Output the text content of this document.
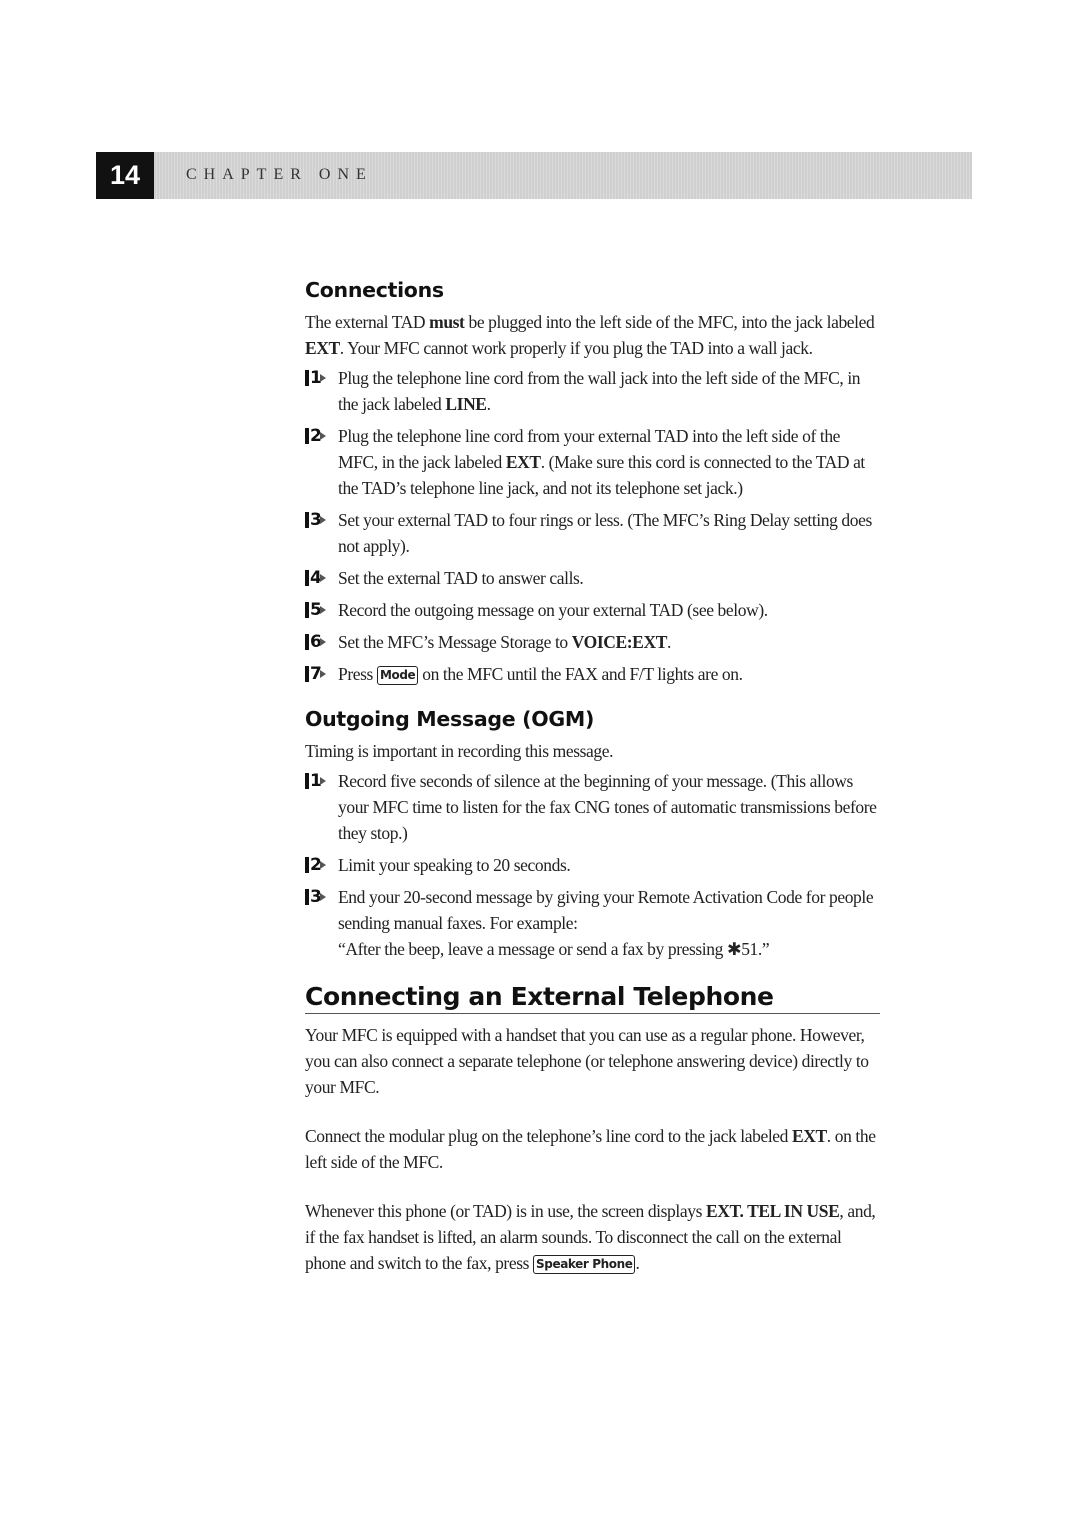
14	CHAPTER ONE
Connections

The external TAD must be plugged into the left side of the MFC, into the jack labeled EXT. Your MFC cannot work properly if you plug the TAD into a wall jack.

1 Plug the telephone line cord from the wall jack into the left side of the MFC, in the jack labeled LINE.
2 Plug the telephone line cord from your external TAD into the left side of the MFC, in the jack labeled EXT. (Make sure this cord is connected to the TAD at the TAD’s telephone line jack, and not its telephone set jack.)
3 Set your external TAD to four rings or less. (The MFC’s Ring Delay setting does not apply).
4 Set the external TAD to answer calls.
5 Record the outgoing message on your external TAD (see below).
6 Set the MFC’s Message Storage to VOICE:EXT.
7 Press Mode on the MFC until the FAX and F/T lights are on.
Outgoing Message (OGM)

Timing is important in recording this message.

1 Record five seconds of silence at the beginning of your message. (This allows your MFC time to listen for the fax CNG tones of automatic transmissions before they stop.)
2 Limit your speaking to 20 seconds.
3 End your 20-second message by giving your Remote Activation Code for people sending manual faxes. For example:
“After the beep, leave a message or send a fax by pressing ✱51.”
Connecting an External Telephone

Your MFC is equipped with a handset that you can use as a regular phone. However, you can also connect a separate telephone (or telephone answering device) directly to your MFC.

Connect the modular plug on the telephone’s line cord to the jack labeled EXT. on the left side of the MFC.

Whenever this phone (or TAD) is in use, the screen displays EXT. TEL IN USE, and, if the fax handset is lifted, an alarm sounds. To disconnect the call on the external phone and switch to the fax, press Speaker Phone .
